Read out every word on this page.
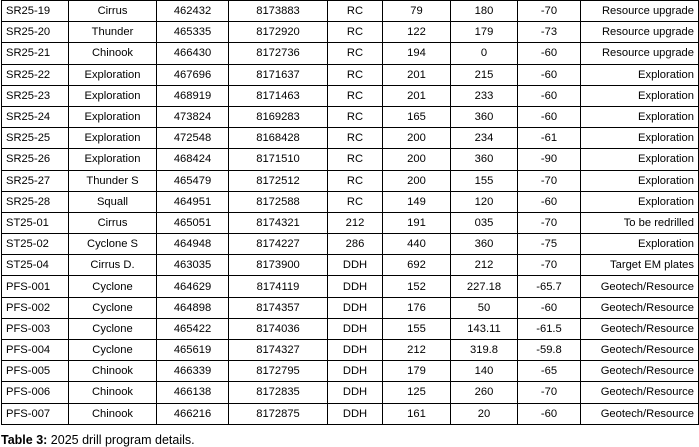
SR25-19	Cirrus	462432	8173883	RC	79	180	-70	Resource upgrade
SR25-20	Thunder	465335	8172920	RC	122	179	-73	Resource upgrade
SR25-21	Chinook	466430	8172736	RC	194	0	-60	Resource upgrade
SR25-22	Exploration	467696	8171637	RC	201	215	-60	Exploration
SR25-23	Exploration	468919	8171463	RC	201	233	-60	Exploration
SR25-24	Exploration	473824	8169283	RC	165	360	-60	Exploration
SR25-25	Exploration	472548	8168428	RC	200	234	-61	Exploration
SR25-26	Exploration	468424	8171510	RC	200	360	-90	Exploration
SR25-27	Thunder S	465479	8172512	RC	200	155	-70	Exploration
SR25-28	Squall	464951	8172588	RC	149	120	-60	Exploration
ST25-01	Cirrus	465051	8174321	212	191	035	-70	To be redrilled
ST25-02	Cyclone S	464948	8174227	286	440	360	-75	Exploration
ST25-04	Cirrus D.	463035	8173900	DDH	692	212	-70	Target EM plates
PFS-001	Cyclone	464629	8174119	DDH	152	227.18	-65.7	Geotech/Resource
PFS-002	Cyclone	464898	8174357	DDH	176	50	-60	Geotech/Resource
PFS-003	Cyclone	465422	8174036	DDH	155	143.11	-61.5	Geotech/Resource
PFS-004	Cyclone	465619	8174327	DDH	212	319.8	-59.8	Geotech/Resource
PFS-005	Chinook	466339	8172795	DDH	179	140	-65	Geotech/Resource
PFS-006	Chinook	466138	8172835	DDH	125	260	-70	Geotech/Resource
PFS-007	Chinook	466216	8172875	DDH	161	20	-60	Geotech/Resource
Table 3: 2025 drill program details.
